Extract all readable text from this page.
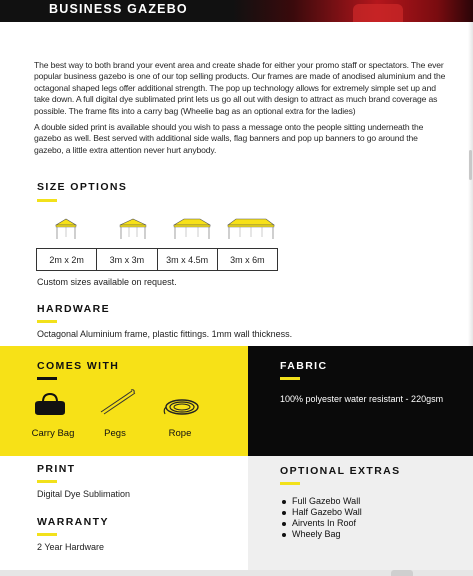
BUSINESS GAZEBO

The best way to both brand your event area and create shade for either your promo staff or spectators. The ever popular business gazebo is one of our top selling products. Our frames are made of anodised aluminium and the octagonal shaped legs offer additional strength. The pop up technology allows for extremely simple set up and take down. A full digital dye sublimated print lets us go all out with design to attract as much brand coverage as possible. The frame fits into a carry bag (Wheelie bag as an optional extra for the ladies)

A double sided print is available should you wish to pass a message onto the people sitting underneath the gazebo as well. Best served with additional side walls, flag banners and pop up banners to go around the gazebo, a little extra attention never hurt anybody.

SIZE OPTIONS
2m x 2m	3m x 3m	3m x 4.5m	3m x 6m
Custom sizes available on request.
HARDWARE
Octagonal Aluminium frame, plastic fittings. 1mm wall thickness.
COMES WITH
Carry Bag	Pegs	Rope
FABRIC
100% polyester water resistant - 220gsm
PRINT
Digital Dye Sublimation
WARRANTY
2 Year Hardware
OPTIONAL EXTRAS
Full Gazebo Wall
Half Gazebo Wall
Airvents In Roof
Wheely Bag
